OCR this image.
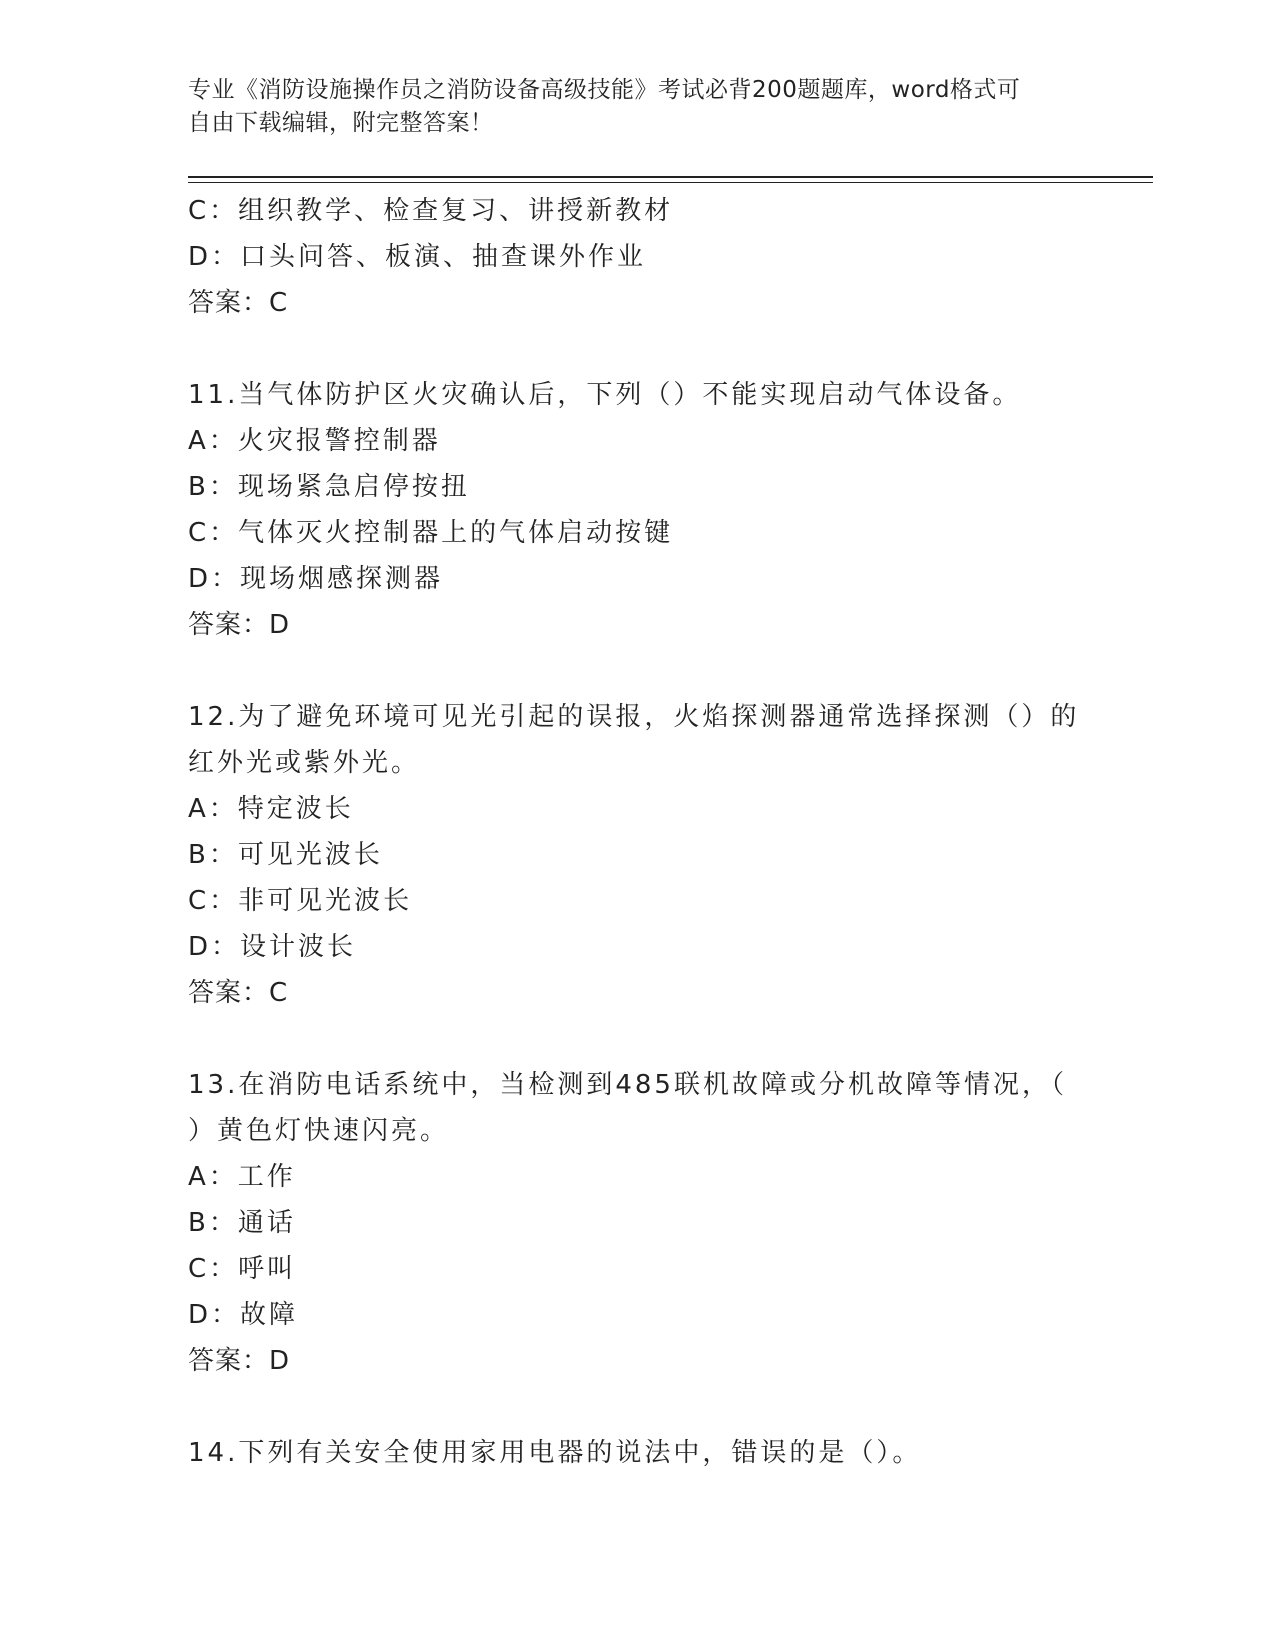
专业《消防设施操作员之消防设备高级技能》考试必背200题题库，word格式可
自由下载编辑，附完整答案！
C：组织教学、检查复习、讲授新教材
D：口头问答、板演、抽查课外作业
答案：C
11.当气体防护区火灾确认后，下列（）不能实现启动气体设备。
A：火灾报警控制器
B：现场紧急启停按扭
C：气体灭火控制器上的气体启动按键
D：现场烟感探测器
答案：D
12.为了避免环境可见光引起的误报，火焰探测器通常选择探测（）的
红外光或紫外光。
A：特定波长
B：可见光波长
C：非可见光波长
D：设计波长
答案：C
13.在消防电话系统中，当检测到485联机故障或分机故障等情况，（
）黄色灯快速闪亮。
A：工作
B：通话
C：呼叫
D：故障
答案：D
14.下列有关安全使用家用电器的说法中，错误的是（）。
